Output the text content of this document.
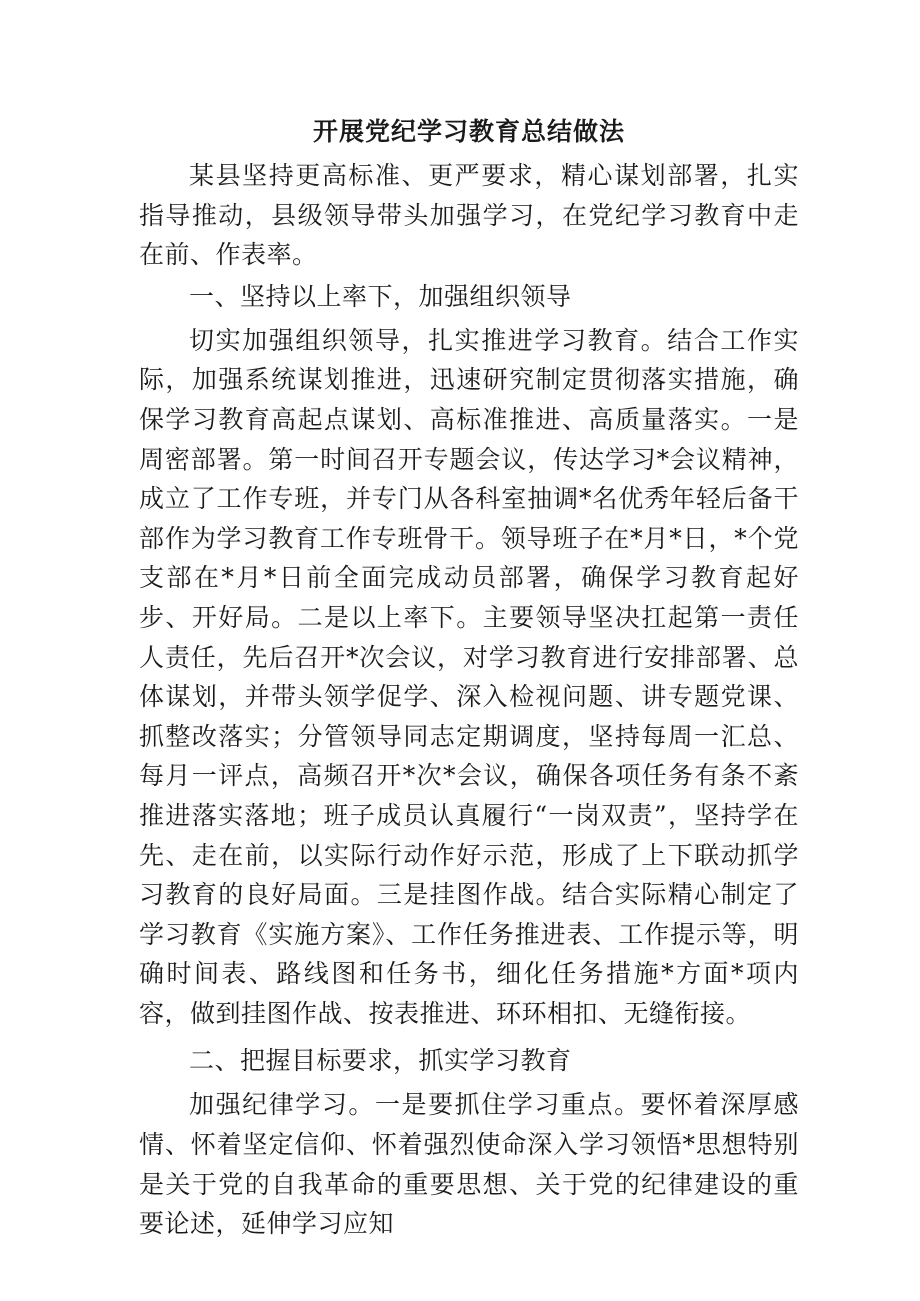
开展党纪学习教育总结做法

某县坚持更高标准、更严要求，精心谋划部署，扎实指导推动，县级领导带头加强学习，在党纪学习教育中走在前、作表率。

一、坚持以上率下，加强组织领导

切实加强组织领导，扎实推进学习教育。结合工作实际，加强系统谋划推进，迅速研究制定贯彻落实措施，确保学习教育高起点谋划、高标准推进、高质量落实。一是周密部署。第一时间召开专题会议，传达学习*会议精神，成立了工作专班，并专门从各科室抽调*名优秀年轻后备干部作为学习教育工作专班骨干。领导班子在*月*日，*个党支部在*月*日前全面完成动员部署，确保学习教育起好步、开好局。二是以上率下。主要领导坚决扛起第一责任人责任，先后召开*次会议，对学习教育进行安排部署、总体谋划，并带头领学促学、深入检视问题、讲专题党课、抓整改落实；分管领导同志定期调度，坚持每周一汇总、每月一评点，高频召开*次*会议，确保各项任务有条不紊推进落实落地；班子成员认真履行“一岗双责”，坚持学在先、走在前，以实际行动作好示范，形成了上下联动抓学习教育的良好局面。三是挂图作战。结合实际精心制定了学习教育《实施方案》、工作任务推进表、工作提示等，明确时间表、路线图和任务书，细化任务措施*方面*项内容，做到挂图作战、按表推进、环环相扣、无缝衔接。

二、把握目标要求，抓实学习教育

加强纪律学习。一是要抓住学习重点。要怀着深厚感情、怀着坚定信仰、怀着强烈使命深入学习领悟*思想特别是关于党的自我革命的重要思想、关于党的纪律建设的重要论述，延伸学习应知
